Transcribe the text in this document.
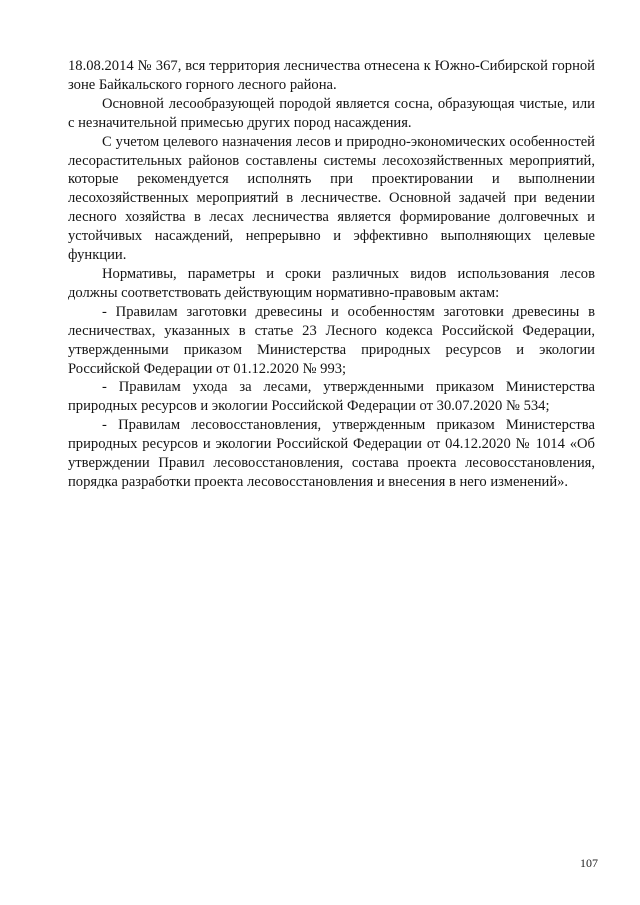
18.08.2014 № 367, вся территория лесничества отнесена к Южно-Сибирской горной зоне Байкальского горного лесного района.

Основной лесообразующей породой является сосна, образующая чистые, или с незначительной примесью других пород насаждения.

С учетом целевого назначения лесов и природно-экономических особенностей лесорастительных районов составлены системы лесохозяйственных мероприятий, которые рекомендуется исполнять при проектировании и выполнении лесохозяйственных мероприятий в лесничестве. Основной задачей при ведении лесного хозяйства в лесах лесничества является формирование долговечных и устойчивых насаждений, непрерывно и эффективно выполняющих целевые функции.

Нормативы, параметры и сроки различных видов использования лесов должны соответствовать действующим нормативно-правовым актам:

- Правилам заготовки древесины и особенностям заготовки древесины в лесничествах, указанных в статье 23 Лесного кодекса Российской Федерации, утвержденными приказом Министерства природных ресурсов и экологии Российской Федерации от 01.12.2020 № 993;

- Правилам ухода за лесами, утвержденными приказом Министерства природных ресурсов и экологии Российской Федерации от 30.07.2020 № 534;

- Правилам лесовосстановления, утвержденным приказом Министерства природных ресурсов и экологии Российской Федерации от 04.12.2020 № 1014 «Об утверждении Правил лесовосстановления, состава проекта лесовосстановления, порядка разработки проекта лесовосстановления и внесения в него изменений».

107
